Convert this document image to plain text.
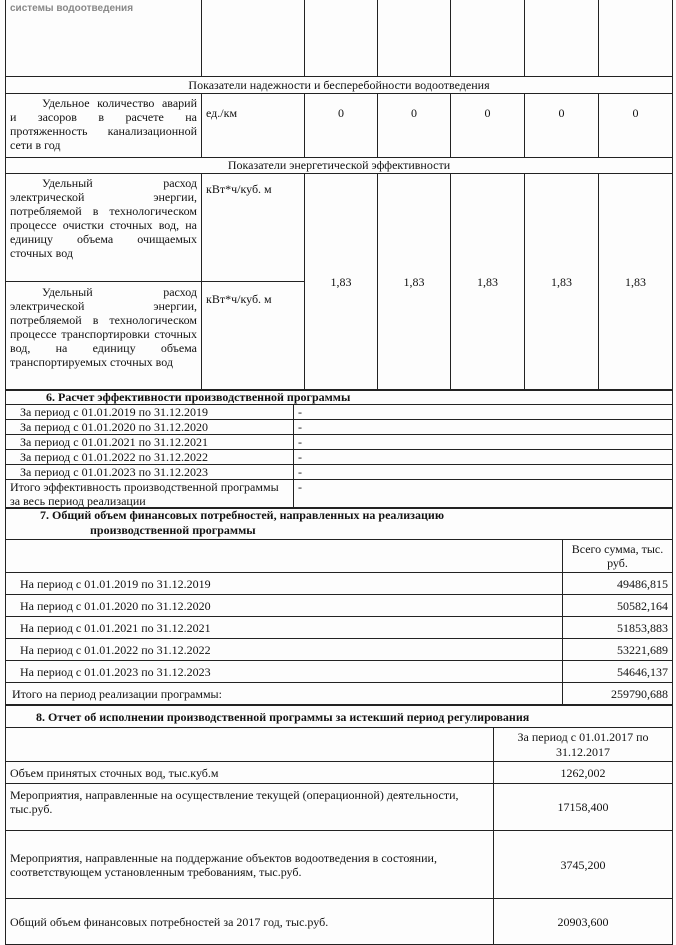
системы водоотведения						
Показатели надежности и бесперебойности водоотведения						
Удельное количество аварий и засоров в расчете на протяженность канализационной сети в год	ед./км	0	0	0	0	0
Показатели энергетической эффективности						
Удельный расход электрической энергии, потребляемой в технологическом процессе очистки сточных вод, на единицу объема очищаемых сточных вод	кВт*ч/куб. м	1,83	1,83	1,83	1,83	1,83
Удельный расход электрической энергии, потребляемой в технологическом процессе транспортировки сточных вод, на единицу объема транспортируемых сточных вод	кВт*ч/куб. м					
6. Расчет эффективности производственной программы	
За период с 01.01.2019 по 31.12.2019	-
За период с 01.01.2020 по 31.12.2020	-
За период с 01.01.2021 по 31.12.2021	-
За период с 01.01.2022 по 31.12.2022	-
За период с 01.01.2023 по 31.12.2023	-
Итого эффективность производственной программы за весь период реализации	-
7. Общий объем финансовых потребностей, направленных на реализацию
производственной программы	
	Всего сумма, тыс. руб.
На период с 01.01.2019 по 31.12.2019	49486,815
На период с 01.01.2020 по 31.12.2020	50582,164
На период с 01.01.2021 по 31.12.2021	51853,883
На период с 01.01.2022 по 31.12.2022	53221,689
На период с 01.01.2023 по 31.12.2023	54646,137
Итого на период реализации программы:	259790,688
8. Отчет об исполнении производственной программы за истекший период регулирования	
	За период с 01.01.2017 по 31.12.2017
Объем принятых сточных вод, тыс.куб.м	1262,002
Мероприятия, направленные на осуществление текущей (операционной) деятельности, тыс.руб.	17158,400
Мероприятия, направленные на поддержание объектов водоотведения в состоянии, соответствующем установленным требованиям, тыс.руб.	3745,200
Общий объем финансовых потребностей за 2017 год, тыс.руб.	20903,600
